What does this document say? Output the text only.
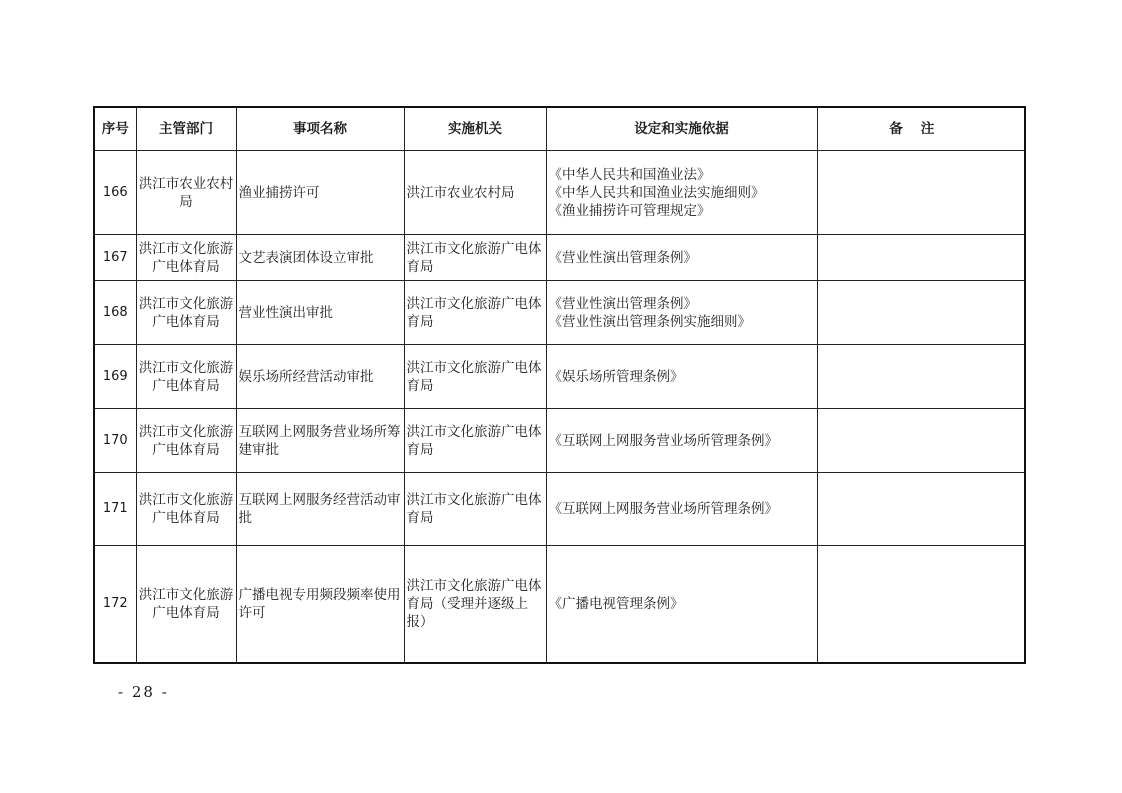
序号	主管部门	事项名称	实施机关	设定和实施依据	备注
166	洪江市农业农村局	渔业捕捞许可	洪江市农业农村局	《中华人民共和国渔业法》
《中华人民共和国渔业法实施细则》
《渔业捕捞许可管理规定》	

167	洪江市文化旅游广电体育局	文艺表演团体设立审批	洪江市文化旅游广电体育局	《营业性演出管理条例》	

168	洪江市文化旅游广电体育局	营业性演出审批	洪江市文化旅游广电体育局	《营业性演出管理条例》
《营业性演出管理条例实施细则》	

169	洪江市文化旅游广电体育局	娱乐场所经营活动审批	洪江市文化旅游广电体育局	《娱乐场所管理条例》	

170	洪江市文化旅游广电体育局	互联网上网服务营业场所筹建审批	洪江市文化旅游广电体育局	《互联网上网服务营业场所管理条例》	

171	洪江市文化旅游广电体育局	互联网上网服务经营活动审批	洪江市文化旅游广电体育局	《互联网上网服务营业场所管理条例》	

172	洪江市文化旅游广电体育局	广播电视专用频段频率使用许可	洪江市文化旅游广电体育局（受理并逐级上报）	《广播电视管理条例》	

- 28 -
